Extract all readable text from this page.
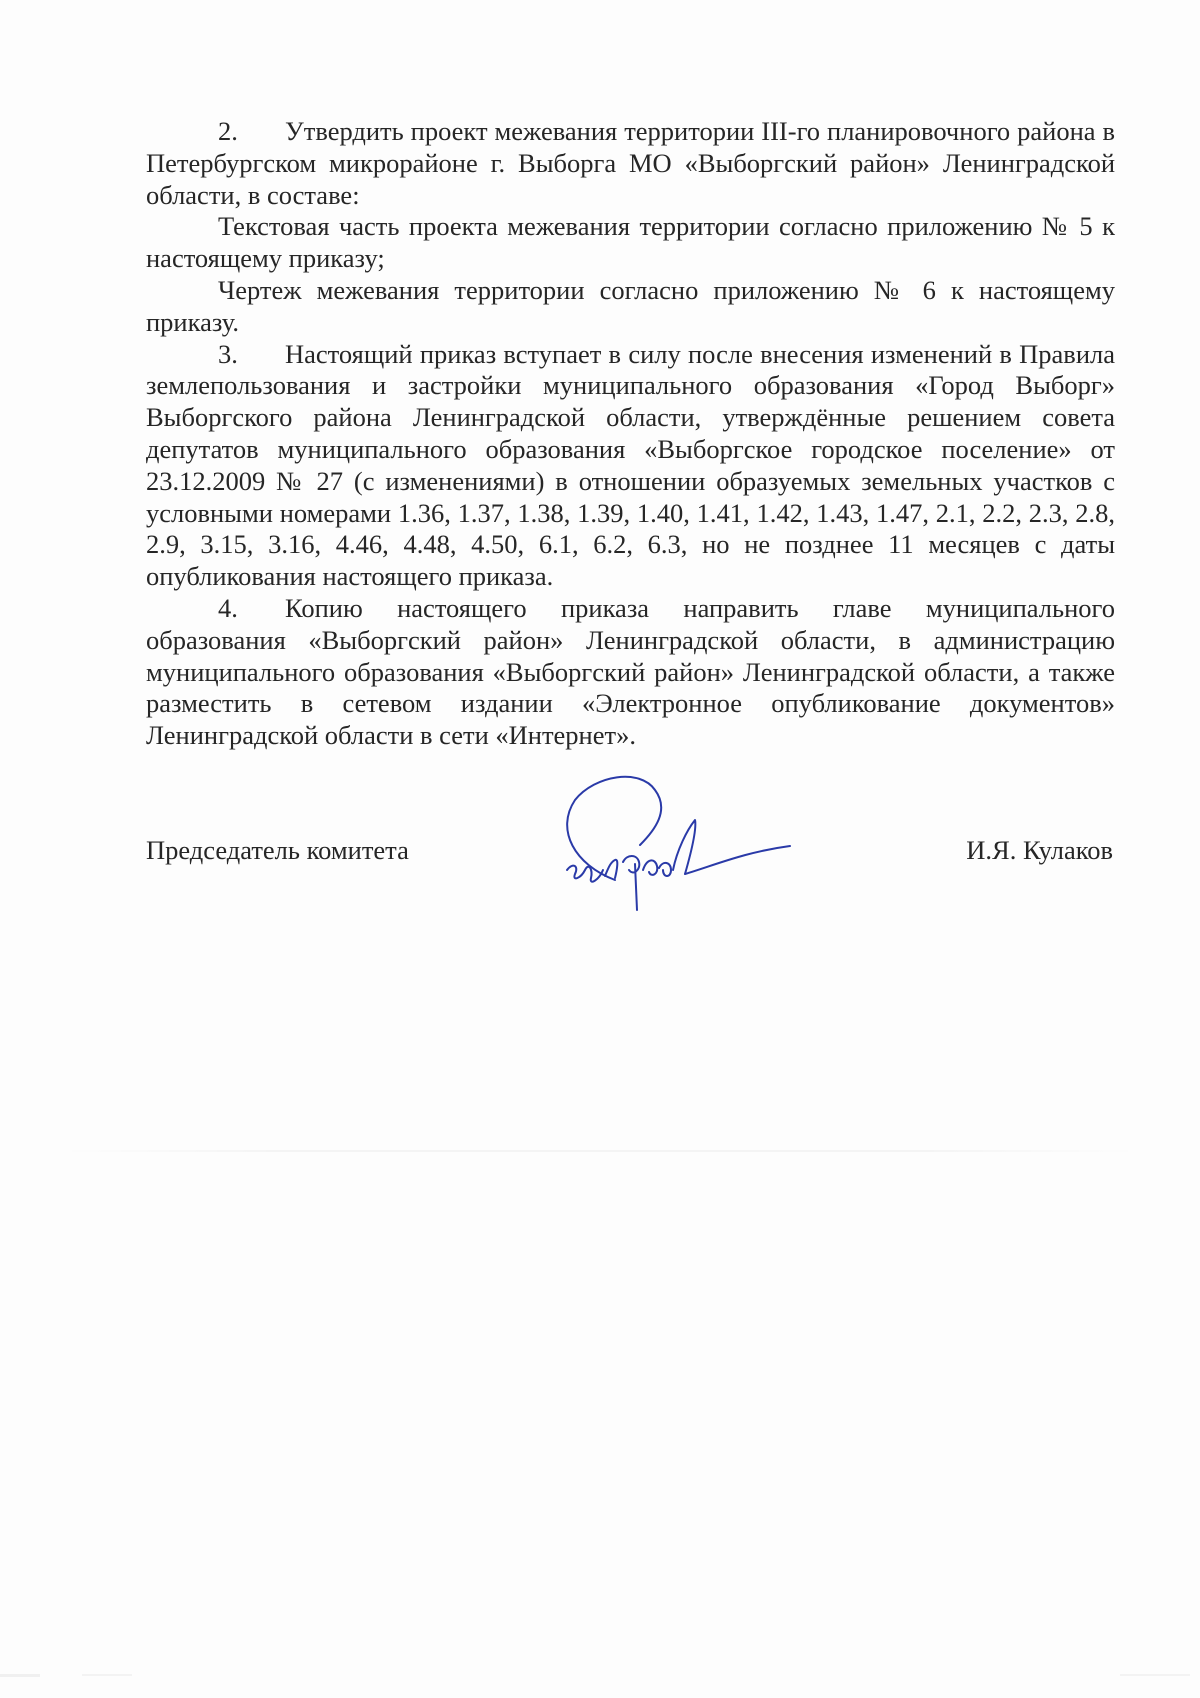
2. Утвердить проект межевания территории III-го планировочного района в Петербургском микрорайоне г. Выборга МО «Выборгский район» Ленинградской области, в составе:

Текстовая часть проекта межевания территории согласно приложению № 5 к настоящему приказу;

Чертеж межевания территории согласно приложению № 6 к настоящему приказу.

3. Настоящий приказ вступает в силу после внесения изменений в Правила землепользования и застройки муниципального образования «Город Выборг» Выборгского района Ленинградской области, утверждённые решением совета депутатов муниципального образования «Выборгское городское поселение» от 23.12.2009 № 27 (с изменениями) в отношении образуемых земельных участков с условными номерами 1.36, 1.37, 1.38, 1.39, 1.40, 1.41, 1.42, 1.43, 1.47, 2.1, 2.2, 2.3, 2.8, 2.9, 3.15, 3.16, 4.46, 4.48, 4.50, 6.1, 6.2, 6.3, но не позднее 11 месяцев с даты опубликования настоящего приказа.

4. Копию настоящего приказа направить главе муниципального образования «Выборгский район» Ленинградской области, в администрацию муниципального образования «Выборгский район» Ленинградской области, а также разместить в сетевом издании «Электронное опубликование документов» Ленинградской области в сети «Интернет».

Председатель комитета	И.Я. Кулаков
